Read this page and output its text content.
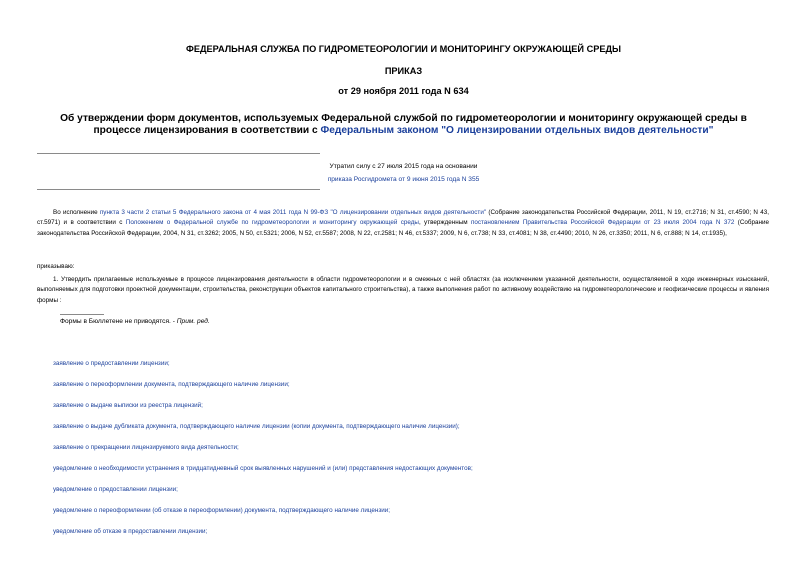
ФЕДЕРАЛЬНАЯ СЛУЖБА ПО ГИДРОМЕТЕОРОЛОГИИ И МОНИТОРИНГУ ОКРУЖАЮЩЕЙ СРЕДЫ
ПРИКАЗ
от 29 ноября 2011 года N 634
Об утверждении форм документов, используемых Федеральной службой по гидрометеорологии и мониторингу окружающей среды в процессе лицензирования в соответствии с Федеральным законом "О лицензировании отдельных видов деятельности"
Утратил силу с 27 июля 2015 года на основании
приказа Росгидромета от 9 июня 2015 года N 355
Во исполнение пункта 3 части 2 статьи 5 Федерального закона от 4 мая 2011 года N 99-ФЗ "О лицензировании отдельных видов деятельности" (Собрание законодательства Российской Федерации, 2011, N 19, ст.2716; N 31, ст.4590; N 43, ст.5971) и в соответствии с Положением о Федеральной службе по гидрометеорологии и мониторингу окружающей среды, утвержденным постановлением Правительства Российской Федерации от 23 июля 2004 года N 372 (Собрание законодательства Российской Федерации, 2004, N 31, ст.3262; 2005, N 50, ст.5321; 2006, N 52, ст.5587; 2008, N 22, ст.2581; N 46, ст.5337; 2009, N 6, ст.738; N 33, ст.4081; N 38, ст.4490; 2010, N 26, ст.3350; 2011, N 6, ст.888; N 14, ст.1935),
приказываю:
1. Утвердить прилагаемые используемые в процессе лицензирования деятельности в области гидрометеорологии и в смежных с ней областях (за исключением указанной деятельности, осуществляемой в ходе инженерных изысканий, выполняемых для подготовки проектной документации, строительства, реконструкции объектов капитального строительства), а также выполнения работ по активному воздействию на гидрометеорологические и геофизические процессы и явления формы :
Формы в Бюллетене не приводятся. - Прим. ред.
заявление о предоставлении лицензии;
заявление о переоформлении документа, подтверждающего наличие лицензии;
заявление о выдаче выписки из реестра лицензий;
заявление о выдаче дубликата документа, подтверждающего наличие лицензии (копии документа, подтверждающего наличие лицензии);
заявление о прекращении лицензируемого вида деятельности;
уведомление о необходимости устранения в тридцатидневный срок выявленных нарушений и (или) представления недостающих документов;
уведомление о предоставлении лицензии;
уведомление о переоформлении (об отказе в переоформлении) документа, подтверждающего наличие лицензии;
уведомление об отказе в предоставлении лицензии;
